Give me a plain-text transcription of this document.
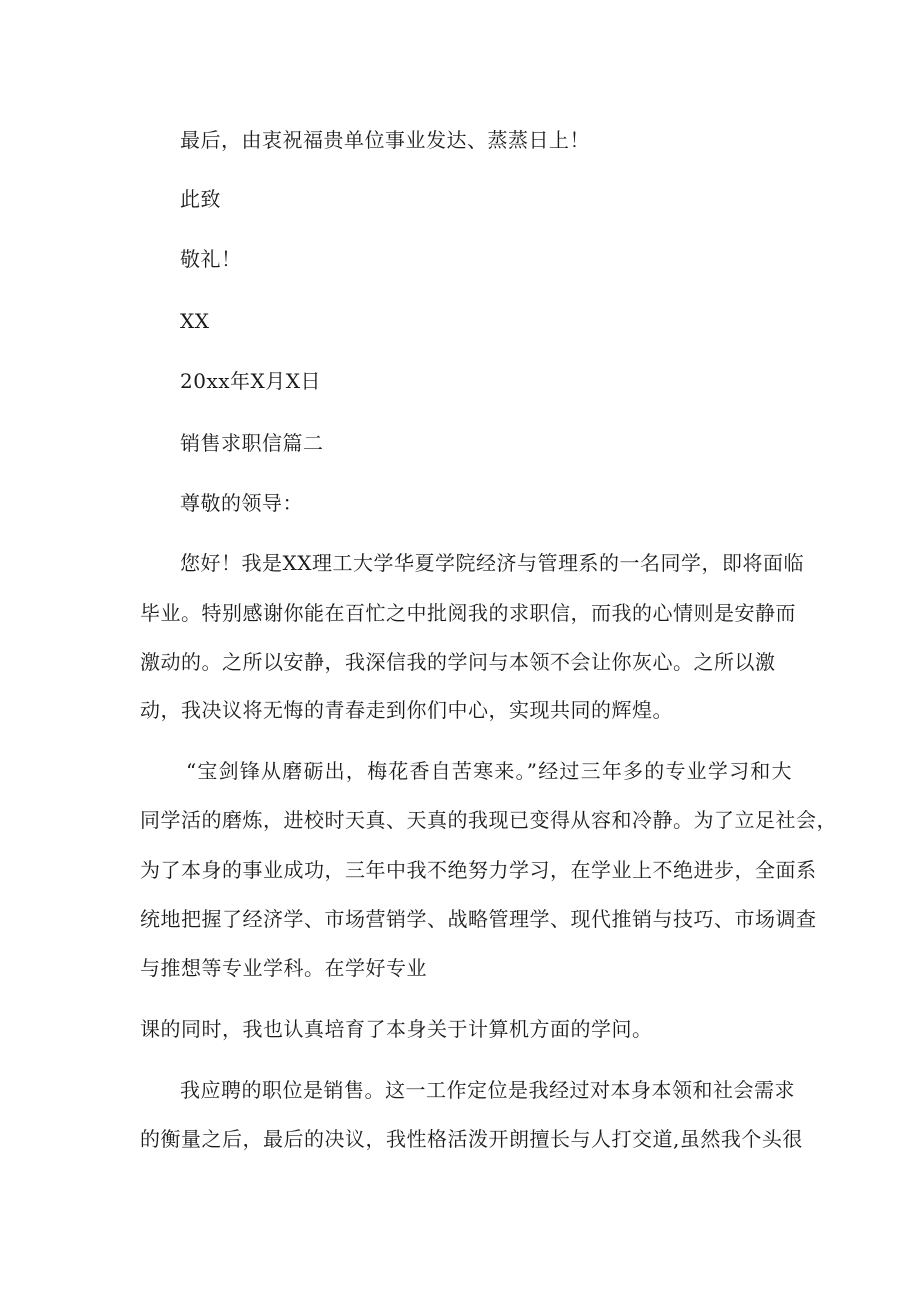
最后，由衷祝福贵单位事业发达、蒸蒸日上！
此致
敬礼！
XX
20xx年X月X日
销售求职信篇二
尊敬的领导：
您好！我是XX理工大学华夏学院经济与管理系的一名同学，即将面临
毕业。特别感谢你能在百忙之中批阅我的求职信，而我的心情则是安静而
激动的。之所以安静，我深信我的学问与本领不会让你灰心。之所以激
动，我决议将无悔的青春走到你们中心，实现共同的辉煌。
“宝剑锋从磨砺出，梅花香自苦寒来。”经过三年多的专业学习和大
同学活的磨炼，进校时天真、天真的我现已变得从容和冷静。为了立足社会，
为了本身的事业成功，三年中我不绝努力学习，在学业上不绝进步，全面系
统地把握了经济学、市场营销学、战略管理学、现代推销与技巧、市场调查
与推想等专业学科。在学好专业
课的同时，我也认真培育了本身关于计算机方面的学问。
我应聘的职位是销售。这一工作定位是我经过对本身本领和社会需求
的衡量之后，最后的决议，我性格活泼开朗擅长与人打交道,虽然我个头很
